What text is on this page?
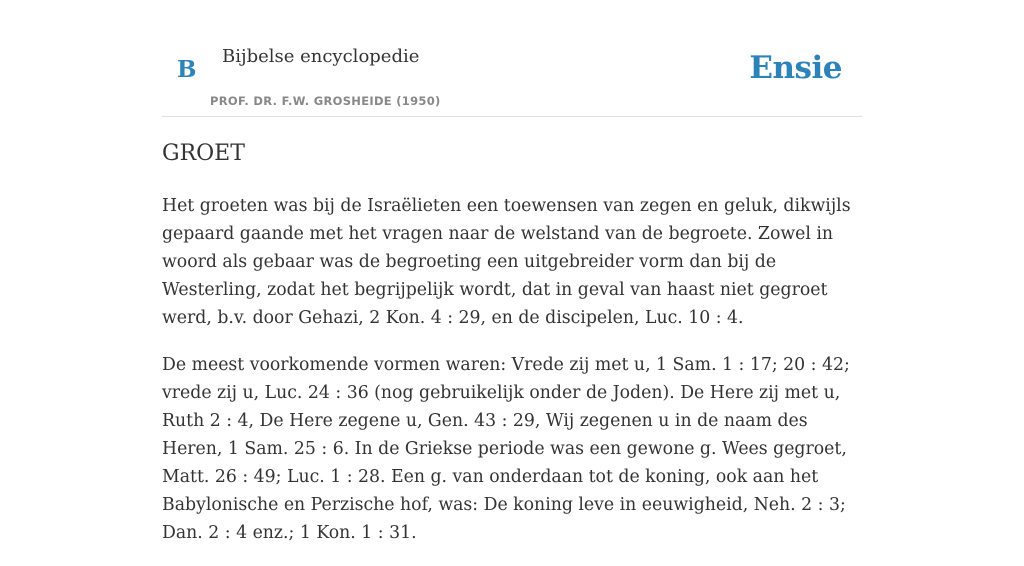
B Bijbelse encyclopedie
PROF. DR. F.W. GROSHEIDE (1950)
Ensie
GROET

Het groeten was bij de Israëlieten een toewensen van zegen en geluk, dikwijls gepaard gaande met het vragen naar de welstand van de begroete. Zowel in woord als gebaar was de begroeting een uitgebreider vorm dan bij de Westerling, zodat het begrijpelijk wordt, dat in geval van haast niet gegroet werd, b.v. door Gehazi, 2 Kon. 4 : 29, en de discipelen, Luc. 10 : 4.

De meest voorkomende vormen waren: Vrede zij met u, 1 Sam. 1 : 17; 20 : 42; vrede zij u, Luc. 24 : 36 (nog gebruikelijk onder de Joden). De Here zij met u, Ruth 2 : 4, De Here zegene u, Gen. 43 : 29, Wij zegenen u in de naam des Heren, 1 Sam. 25 : 6. In de Griekse periode was een gewone g. Wees gegroet, Matt. 26 : 49; Luc. 1 : 28. Een g. van onderdaan tot de koning, ook aan het Babylonische en Perzische hof, was: De koning leve in eeuwigheid, Neh. 2 : 3; Dan. 2 : 4 enz.; 1 Kon. 1 : 31.
